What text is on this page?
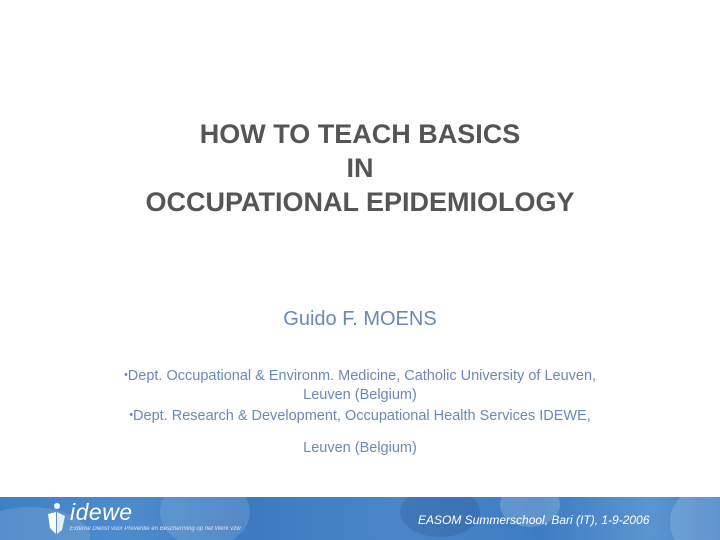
HOW TO TEACH BASICS
IN
OCCUPATIONAL EPIDEMIOLOGY
Guido F. MOENS
•Dept. Occupational & Environm. Medicine, Catholic University of Leuven,
Leuven (Belgium)
•Dept. Research & Development, Occupational Health Services IDEWE,
Leuven (Belgium)
idewe
Externe Dienst voor Preventie en Bescherming op het Werk vzw
EASOM Summerschool, Bari (IT), 1-9-2006
